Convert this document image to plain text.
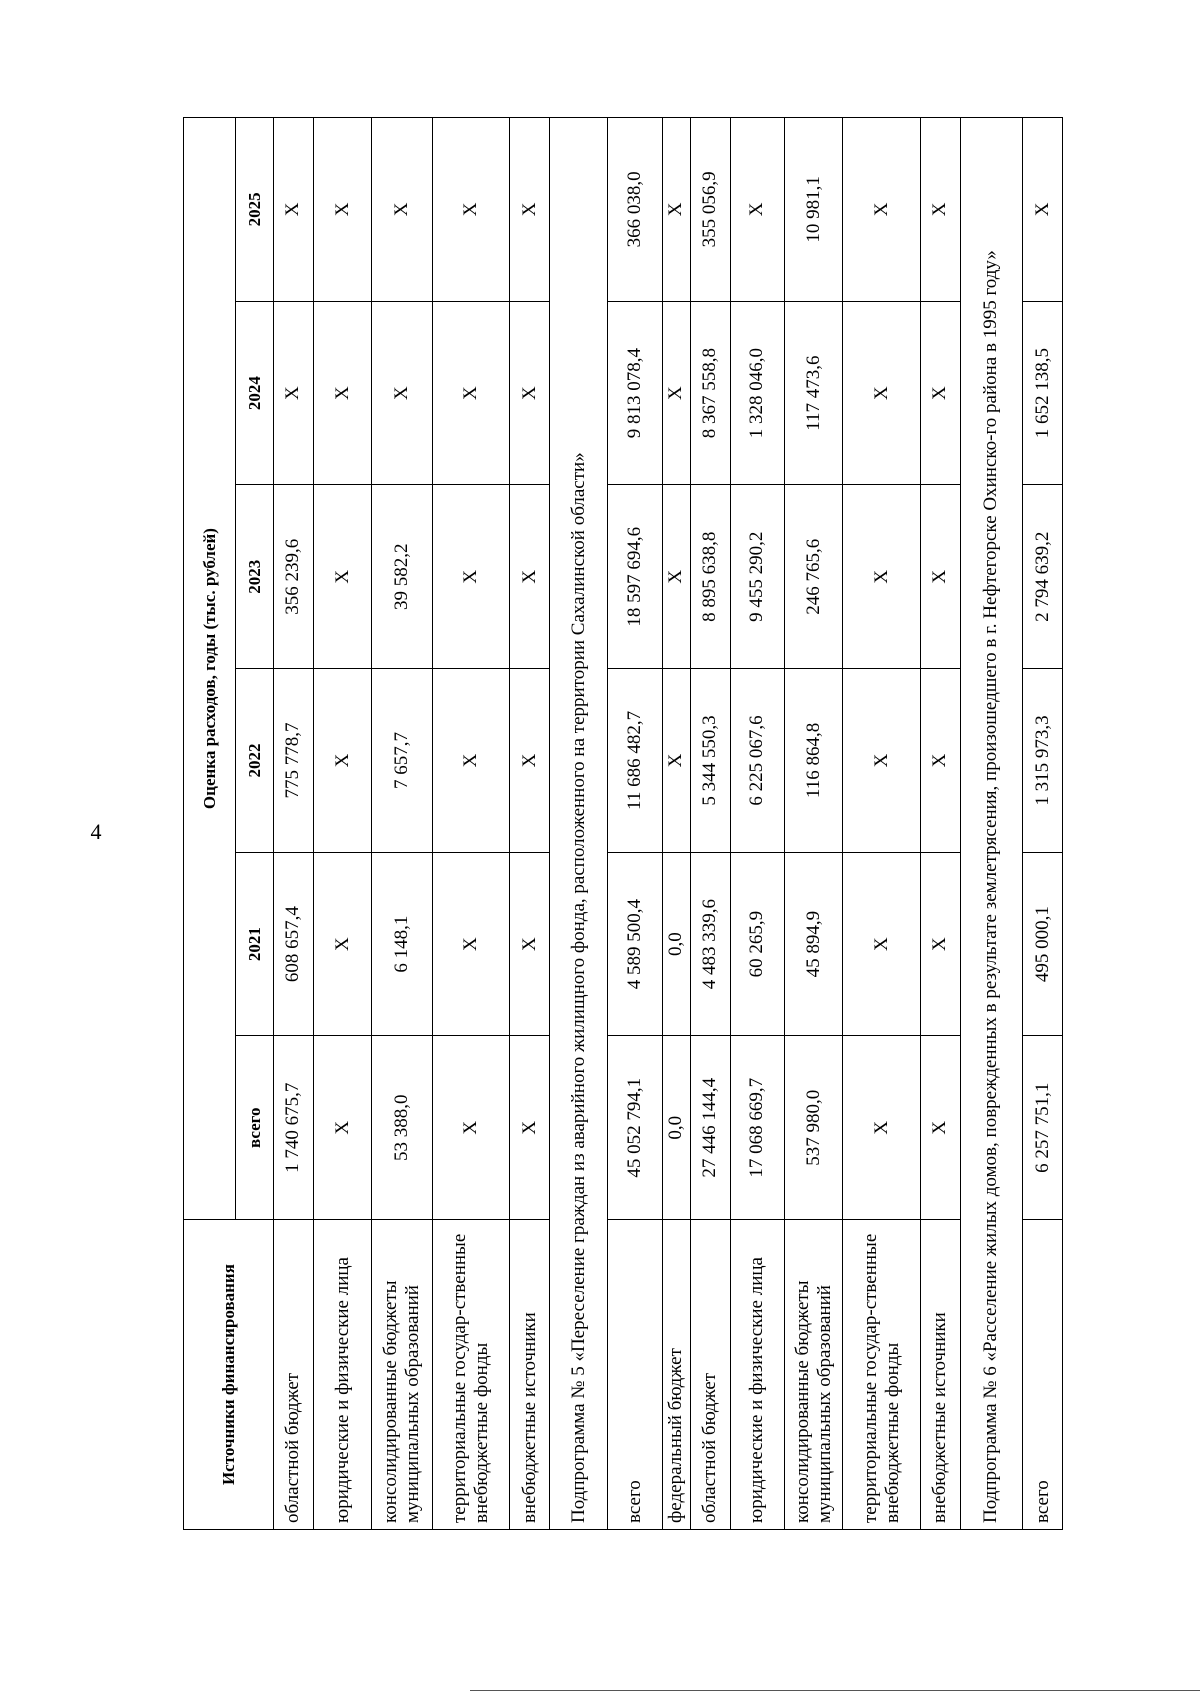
4
Источники финансирования	Оценка расходов, годы (тыс. рублей)					
	всего	2021	2022	2023	2024	2025
областной бюджет	1 740 675,7	608 657,4	775 778,7	356 239,6	Х	Х
юридические и физические лица	Х	Х	Х	Х	Х	Х
консолидированные бюджеты муниципальных образований	53 388,0	6 148,1	7 657,7	39 582,2	Х	Х
территориальные государ-ственные внебюджетные фонды	Х	Х	Х	Х	Х	Х
внебюджетные источники	Х	Х	Х	Х	Х	Х
Подпрограмма № 5 «Переселение граждан из аварийного жилищного фонда, расположенного на территории Сахалинской области»						
всего	45 052 794,1	4 589 500,4	11 686 482,7	18 597 694,6	9 813 078,4	366 038,0
федеральный бюджет	0,0	0,0	Х	Х	Х	Х
областной бюджет	27 446 144,4	4 483 339,6	5 344 550,3	8 895 638,8	8 367 558,8	355 056,9
юридические и физические лица	17 068 669,7	60 265,9	6 225 067,6	9 455 290,2	1 328 046,0	Х
консолидированные бюджеты муниципальных образований	537 980,0	45 894,9	116 864,8	246 765,6	117 473,6	10 981,1
территориальные государ-ственные внебюджетные фонды	Х	Х	Х	Х	Х	Х
внебюджетные источники	Х	Х	Х	Х	Х	Х
Подпрограмма № 6 «Расселение жилых домов, поврежденных в результате землетрясения, произошедшего в г. Нефтегорске Охинско-го района в 1995 году»						
всего	6 257 751,1	495 000,1	1 315 973,3	2 794 639,2	1 652 138,5	Х
